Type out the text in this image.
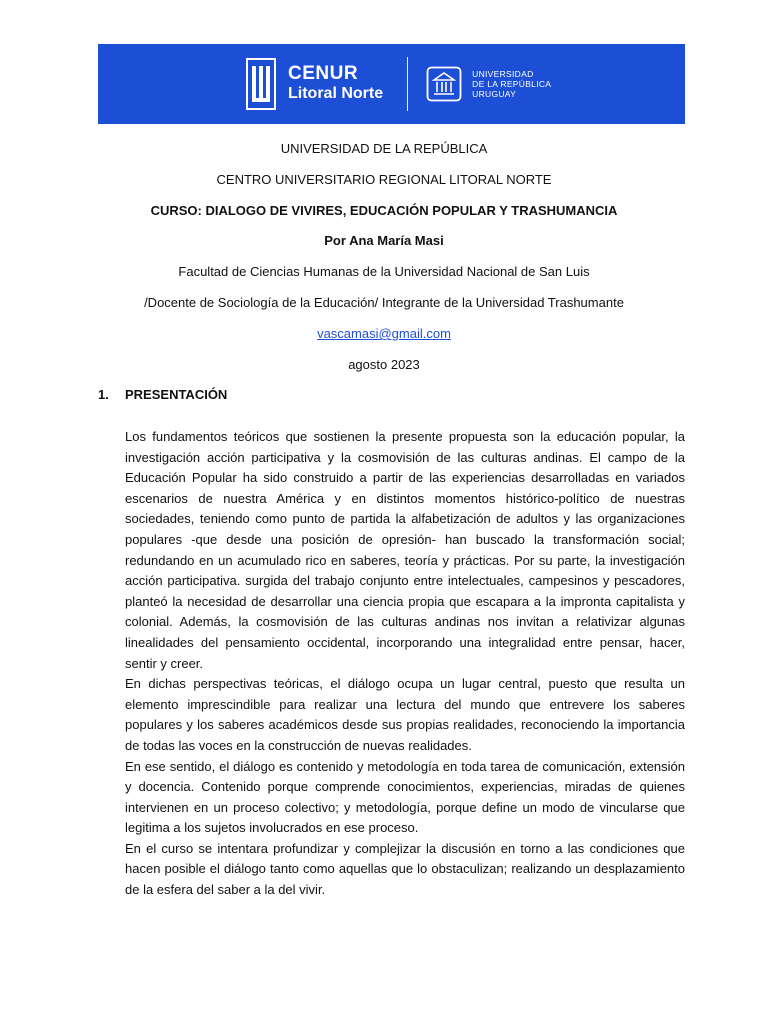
CENUR
Litoral Norte
UNIVERSIDAD
DE LA REPÚBLICA
URUGUAY
UNIVERSIDAD DE LA REPÚBLICA
CENTRO UNIVERSITARIO REGIONAL LITORAL NORTE
CURSO: DIALOGO DE VIVIRES, EDUCACIÓN POPULAR Y TRASHUMANCIA
Por Ana María Masi
Facultad de Ciencias Humanas de la Universidad Nacional de San Luis
/Docente de Sociología de la Educación/ Integrante de la Universidad Trashumante
vascamasi@gmail.com
agosto 2023
1. PRESENTACIÓN

Los fundamentos teóricos que sostienen la presente propuesta son la educación popular, la investigación acción participativa y la cosmovisión de las culturas andinas. El campo de la Educación Popular ha sido construido a partir de las experiencias desarrolladas en variados escenarios de nuestra América y en distintos momentos histórico-político de nuestras sociedades, teniendo como punto de partida la alfabetización de adultos y las organizaciones populares -que desde una posición de opresión- han buscado la transformación social; redundando en un acumulado rico en saberes, teoría y prácticas. Por su parte, la investigación acción participativa. surgida del trabajo conjunto entre intelectuales, campesinos y pescadores, planteó la necesidad de desarrollar una ciencia propia que escapara a la impronta capitalista y colonial. Además, la cosmovisión de las culturas andinas nos invitan a relativizar algunas linealidades del pensamiento occidental, incorporando una integralidad entre pensar, hacer, sentir y creer.

En dichas perspectivas teóricas, el diálogo ocupa un lugar central, puesto que resulta un elemento imprescindible para realizar una lectura del mundo que entrevere los saberes populares y los saberes académicos desde sus propias realidades, reconociendo la importancia de todas las voces en la construcción de nuevas realidades.

En ese sentido, el diálogo es contenido y metodología en toda tarea de comunicación, extensión y docencia. Contenido porque comprende conocimientos, experiencias, miradas de quienes intervienen en un proceso colectivo; y metodología, porque define un modo de vincularse que legitima a los sujetos involucrados en ese proceso.

En el curso se intentara profundizar y complejizar la discusión en torno a las condiciones que hacen posible el diálogo tanto como aquellas que lo obstaculizan; realizando un desplazamiento de la esfera del saber a la del vivir.
